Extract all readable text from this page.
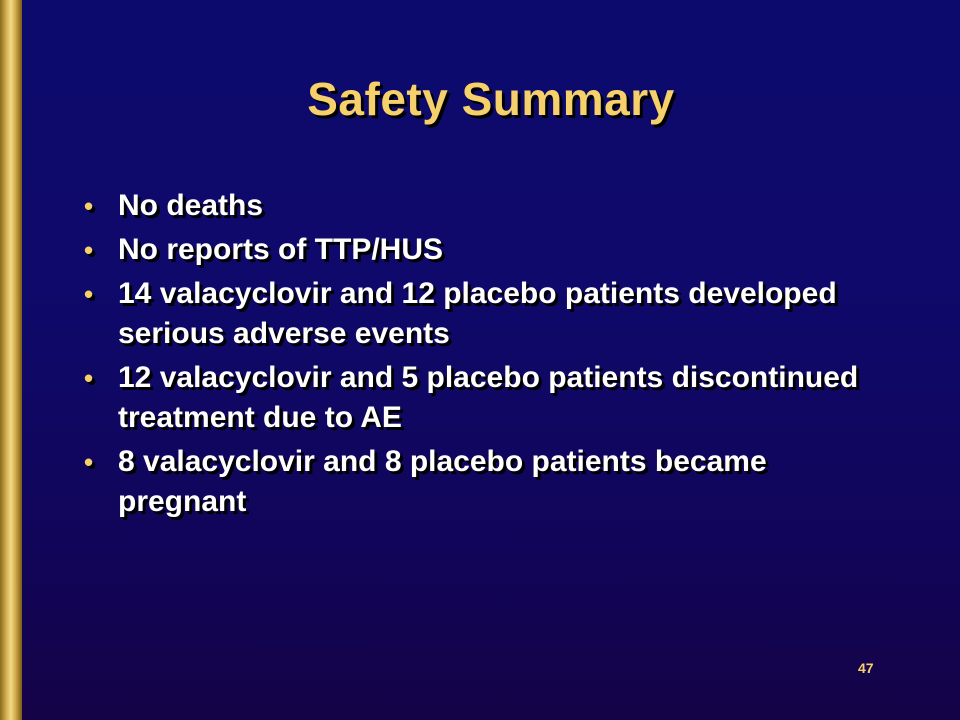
Safety Summary
• No deaths
• No reports of TTP/HUS
• 14 valacyclovir and 12 placebo patients developed serious adverse events
• 12 valacyclovir and 5 placebo patients discontinued treatment due to AE
• 8 valacyclovir and 8 placebo patients became pregnant
47
